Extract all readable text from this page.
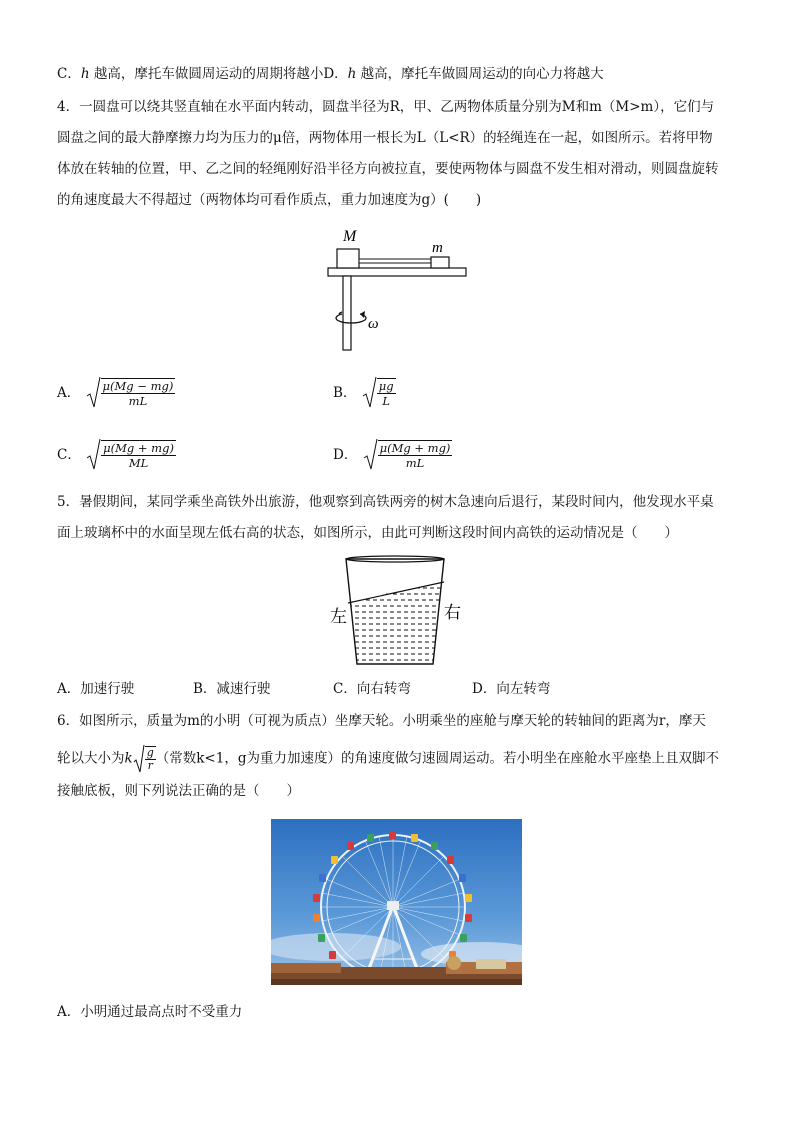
C．h 越高，摩托车做圆周运动的周期将越小D．h 越高，摩托车做圆周运动的向心力将越大
4．一圆盘可以绕其竖直轴在水平面内转动，圆盘半径为R，甲、乙两物体质量分别为M和m（M>m），它们与
圆盘之间的最大静摩擦力均为压力的μ倍，两物体用一根长为L（L<R）的轻绳连在一起，如图所示。若将甲物
体放在转轴的位置，甲、乙之间的轻绳刚好沿半径方向被拉直，要使两物体与圆盘不发生相对滑动，则圆盘旋转
的角速度最大不得超过（两物体均可看作质点，重力加速度为g）(　　)
M
m
ω
A． $\frac{\mu(Mg - mg)}{mL}$	B． $\frac{\mu g}{L}$
C． $\frac{\mu(Mg + mg)}{ML}$	D． $\frac{\mu(Mg + mg)}{mL}$
5．暑假期间，某同学乘坐高铁外出旅游，他观察到高铁两旁的树木急速向后退行，某段时间内，他发现水平桌
面上玻璃杯中的水面呈现左低右高的状态，如图所示，由此可判断这段时间内高铁的运动情况是（　　）
左	右
A．加速行驶	B．减速行驶	C．向右转弯	D．向左转弯
6．如图所示，质量为m的小明（可视为质点）坐摩天轮。小明乘坐的座舱与摩天轮的转轴间的距离为r，摩天
轮以大小为k $\frac{g}{r}$ （常数k<1，g为重力加速度）的角速度做匀速圆周运动。若小明坐在座舱水平座垫上且双脚不
接触底板，则下列说法正确的是（　　）
A．小明通过最高点时不受重力
